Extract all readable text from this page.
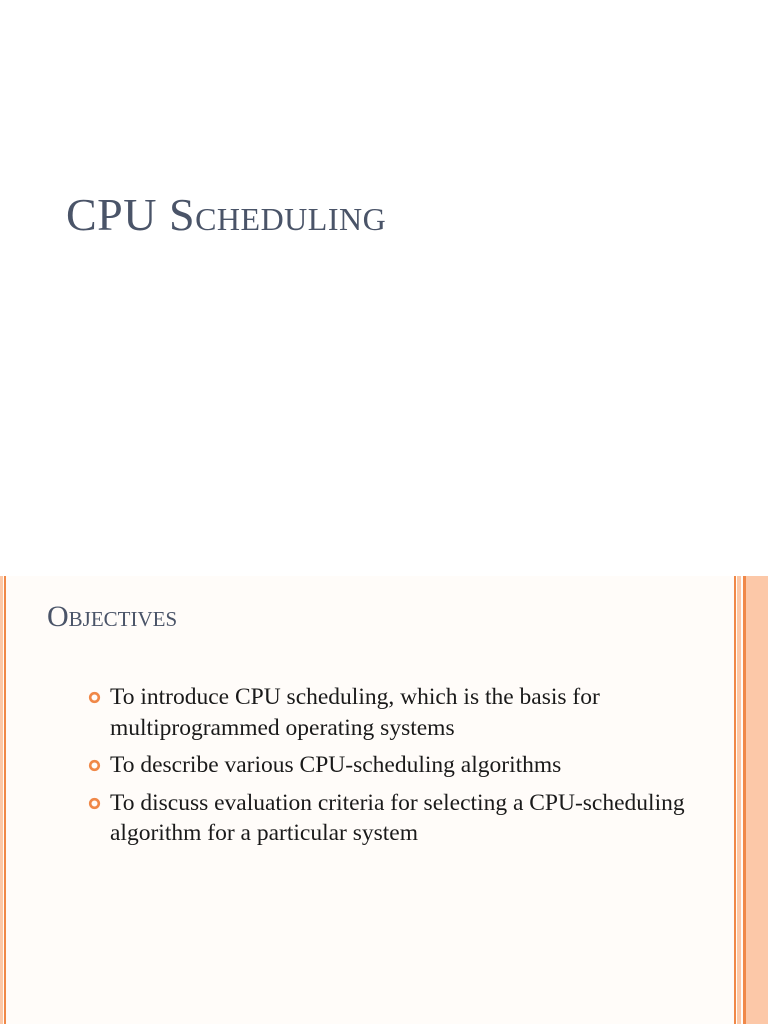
CPU Scheduling
Objectives
To introduce CPU scheduling, which is the basis for multiprogrammed operating systems
To describe various CPU-scheduling algorithms
To discuss evaluation criteria for selecting a CPU-scheduling algorithm for a particular system
